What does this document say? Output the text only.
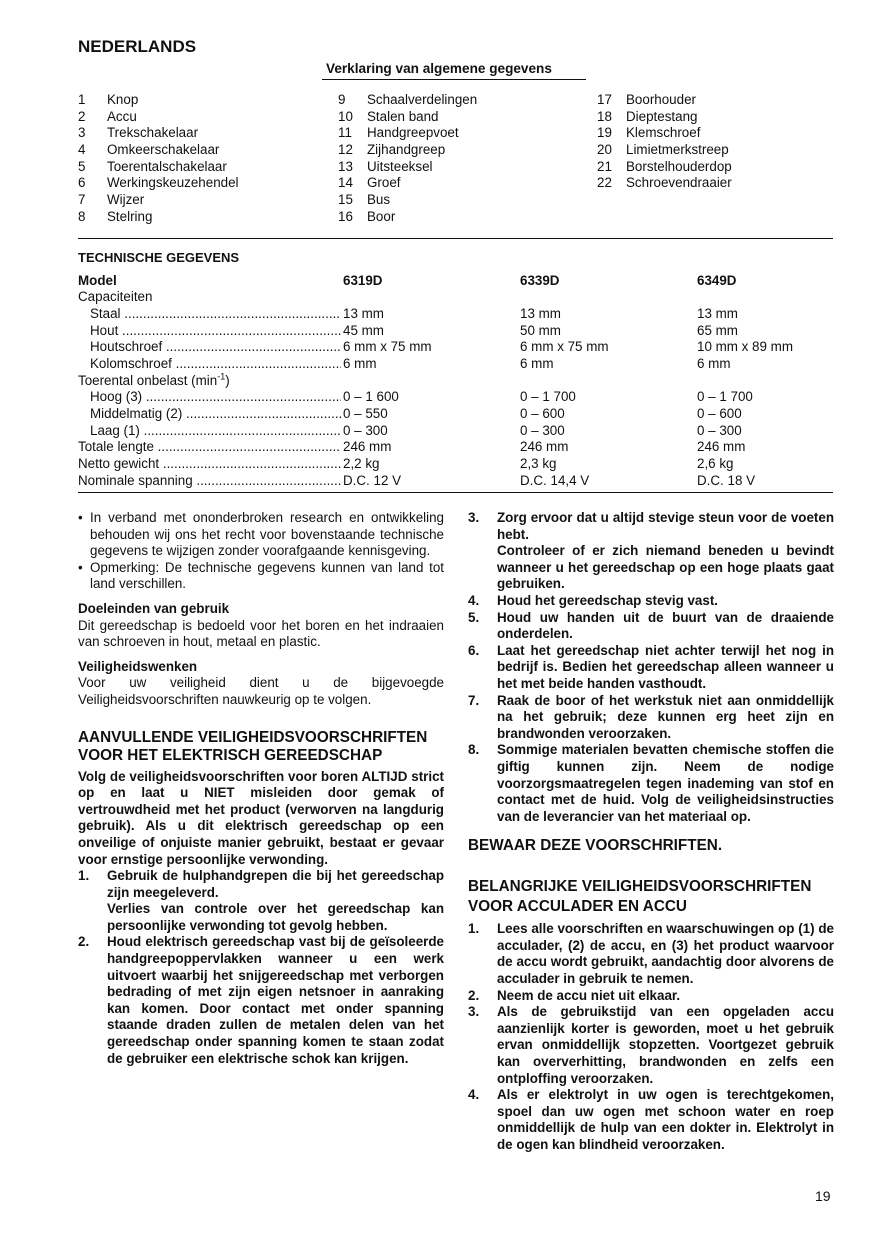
NEDERLANDS
Verklaring van algemene gegevens
1 Knop
2 Accu
3 Trekschakelaar
4 Omkeerschakelaar
5 Toerentalschakelaar
6 Werkingskeuzehendel
7 Wijzer
8 Stelring
9 Schaalverdelingen
10 Stalen band
11 Handgreepvoet
12 Zijhandgreep
13 Uitsteeksel
14 Groef
15 Bus
16 Boor
17 Boorhouder
18 Dieptestang
19 Klemschroef
20 Limietmerkstreep
21 Borstelhouderdop
22 Schroevendraaier
TECHNISCHE GEGEVENS
Model	6319D	6339D	6349D
Capaciteiten
Staal .....	13 mm	13 mm	13 mm
Hout .....	45 mm	50 mm	65 mm
Houtschroef .....	6 mm x 75 mm	6 mm x 75 mm	10 mm x 89 mm
Kolomschroef .....	6 mm	6 mm	6 mm
Toerental onbelast $(\min^{-1})$
Hoog (3) .....	0 – 1 600	0 – 1 700	0 – 1 700
Middelmatig (2) .....	0 – 550	0 – 600	0 – 600
Laag (1) .....	0 – 300	0 – 300	0 – 300
Totale lengte .....	246 mm	246 mm	246 mm
Netto gewicht .....	2,2 kg	2,3 kg	2,6 kg
Nominale spanning .....	D.C. 12 V	D.C. 14,4 V	D.C. 18 V
• In verband met ononderbroken research en ontwikkeling behouden wij ons het recht voor bovenstaande technische gegevens te wijzigen zonder voorafgaande kennisgeving.
• Opmerking: De technische gegevens kunnen van land tot land verschillen.
Doeleinden van gebruik
Dit gereedschap is bedoeld voor het boren en het indraaien van schroeven in hout, metaal en plastic.
Veiligheidswenken
Voor uw veiligheid dient u de bijgevoegde Veiligheidsvoorschriften nauwkeurig op te volgen.
AANVULLENDE VEILIGHEIDSVOORSCHRIFTEN VOOR HET ELEKTRISCH GEREEDSCHAP
Volg de veiligheidsvoorschriften voor boren ALTIJD strict op en laat u NIET misleiden door gemak of vertrouwdheid met het product (verworven na langdurig gebruik). Als u dit elektrisch gereedschap op een onveilige of onjuiste manier gebruikt, bestaat er gevaar voor ernstige persoonlijke verwonding.
1. Gebruik de hulphandgrepen die bij het gereedschap zijn meegeleverd.
Verlies van controle over het gereedschap kan persoonlijke verwonding tot gevolg hebben.
2. Houd elektrisch gereedschap vast bij de geïsoleerde handgreepoppervlakken wanneer u een werk uitvoert waarbij het snijgereedschap met verborgen bedrading of met zijn eigen netsnoer in aanraking kan komen. Door contact met onder spanning staande draden zullen de metalen delen van het gereedschap onder spanning komen te staan zodat de gebruiker een elektrische schok kan krijgen.
3. Zorg ervoor dat u altijd stevige steun voor de voeten hebt.
Controleer of er zich niemand beneden u bevindt wanneer u het gereedschap op een hoge plaats gaat gebruiken.
4. Houd het gereedschap stevig vast.
5. Houd uw handen uit de buurt van de draaiende onderdelen.
6. Laat het gereedschap niet achter terwijl het nog in bedrijf is. Bedien het gereedschap alleen wanneer u het met beide handen vasthoudt.
7. Raak de boor of het werkstuk niet aan onmiddellijk na het gebruik; deze kunnen erg heet zijn en brandwonden veroorzaken.
8. Sommige materialen bevatten chemische stoffen die giftig kunnen zijn. Neem de nodige voorzorgsmaatregelen tegen inademing van stof en contact met de huid. Volg de veiligheidsinstructies van de leverancier van het materiaal op.
BEWAAR DEZE VOORSCHRIFTEN.
BELANGRIJKE VEILIGHEIDSVOORSCHRIFTEN VOOR ACCULADER EN ACCU
1. Lees alle voorschriften en waarschuwingen op (1) de acculader, (2) de accu, en (3) het product waarvoor de accu wordt gebruikt, aandachtig door alvorens de acculader in gebruik te nemen.
2. Neem de accu niet uit elkaar.
3. Als de gebruikstijd van een opgeladen accu aanzienlijk korter is geworden, moet u het gebruik ervan onmiddellijk stopzetten. Voortgezet gebruik kan oververhitting, brandwonden en zelfs een ontploffing veroorzaken.
4. Als er elektrolyt in uw ogen is terechtgekomen, spoel dan uw ogen met schoon water en roep onmiddellijk de hulp van een dokter in. Elektrolyt in de ogen kan blindheid veroorzaken.
19
